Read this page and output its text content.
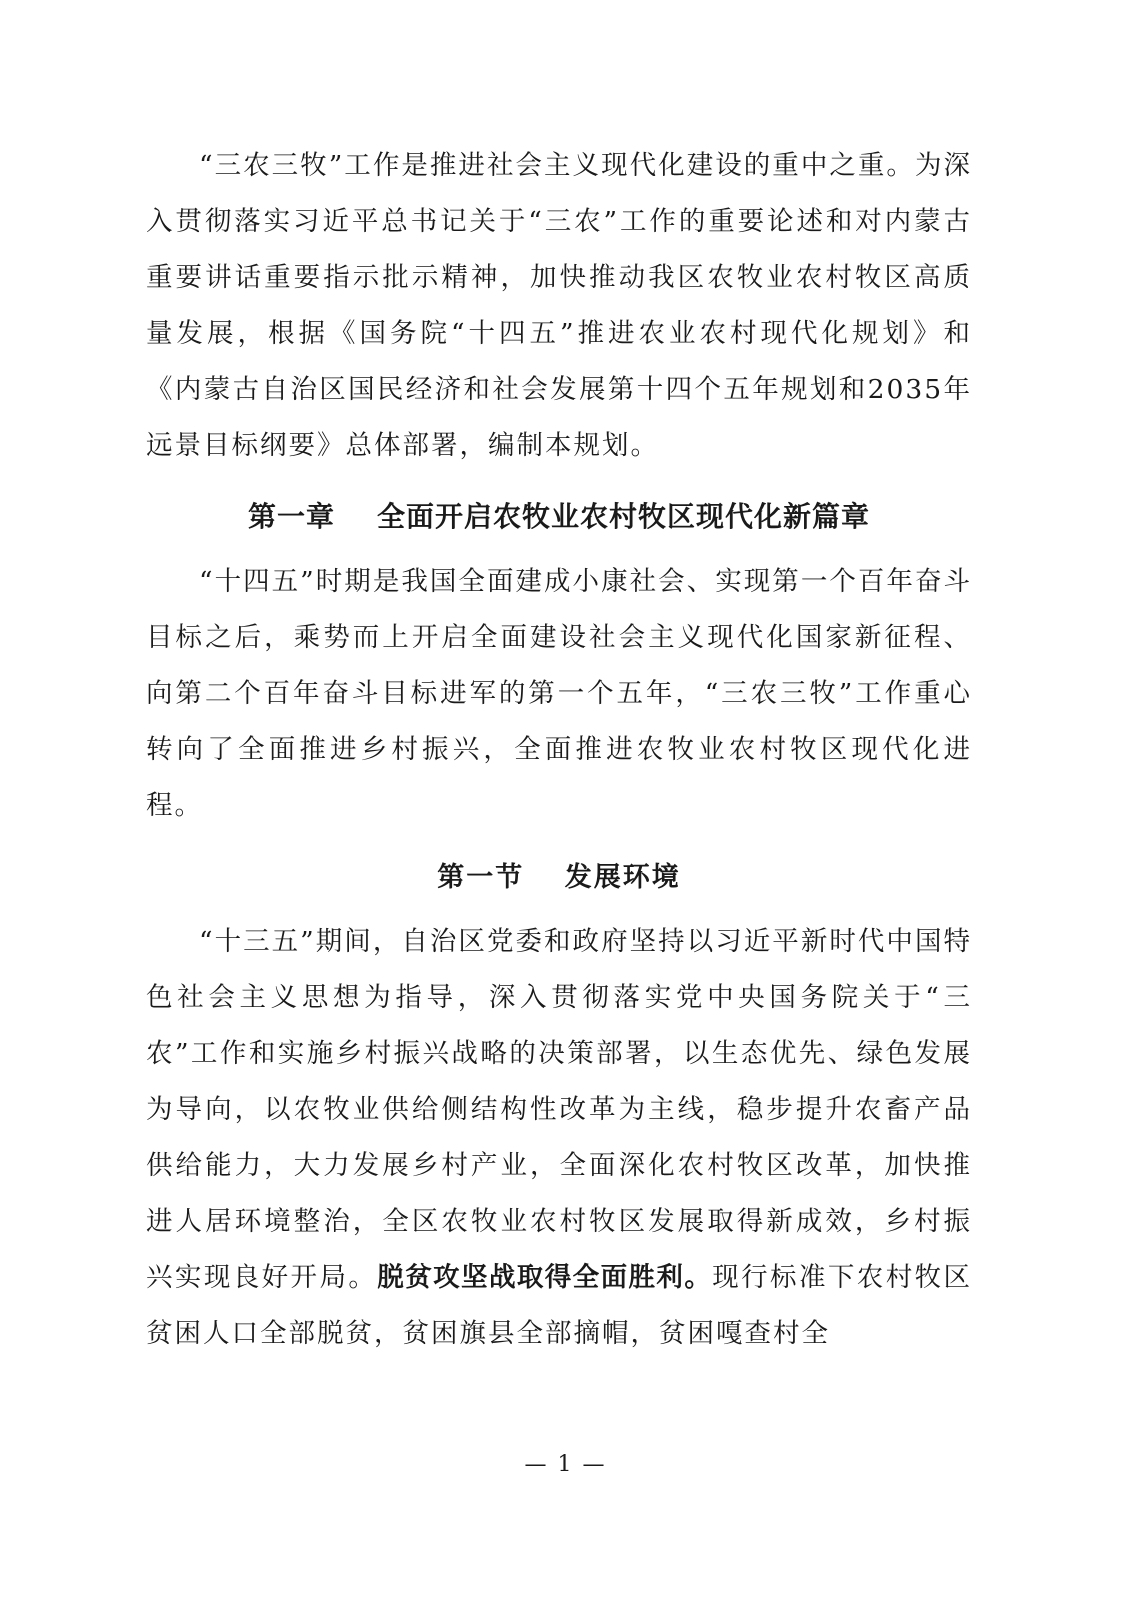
“三农三牧”工作是推进社会主义现代化建设的重中之重。为深入贯彻落实习近平总书记关于“三农”工作的重要论述和对内蒙古重要讲话重要指示批示精神，加快推动我区农牧业农村牧区高质量发展，根据《国务院“十四五”推进农业农村现代化规划》和《内蒙古自治区国民经济和社会发展第十四个五年规划和2035年远景目标纲要》总体部署，编制本规划。

第一章 全面开启农牧业农村牧区现代化新篇章

“十四五”时期是我国全面建成小康社会、实现第一个百年奋斗目标之后，乘势而上开启全面建设社会主义现代化国家新征程、向第二个百年奋斗目标进军的第一个五年，“三农三牧”工作重心转向了全面推进乡村振兴，全面推进农牧业农村牧区现代化进程。

第一节 发展环境

“十三五”期间，自治区党委和政府坚持以习近平新时代中国特色社会主义思想为指导，深入贯彻落实党中央国务院关于“三农”工作和实施乡村振兴战略的决策部署，以生态优先、绿色发展为导向，以农牧业供给侧结构性改革为主线，稳步提升农畜产品供给能力，大力发展乡村产业，全面深化农村牧区改革，加快推进人居环境整治，全区农牧业农村牧区发展取得新成效，乡村振兴实现良好开局。脱贫攻坚战取得全面胜利。现行标准下农村牧区贫困人口全部脱贫，贫困旗县全部摘帽，贫困嘎查村全

— 1 —
